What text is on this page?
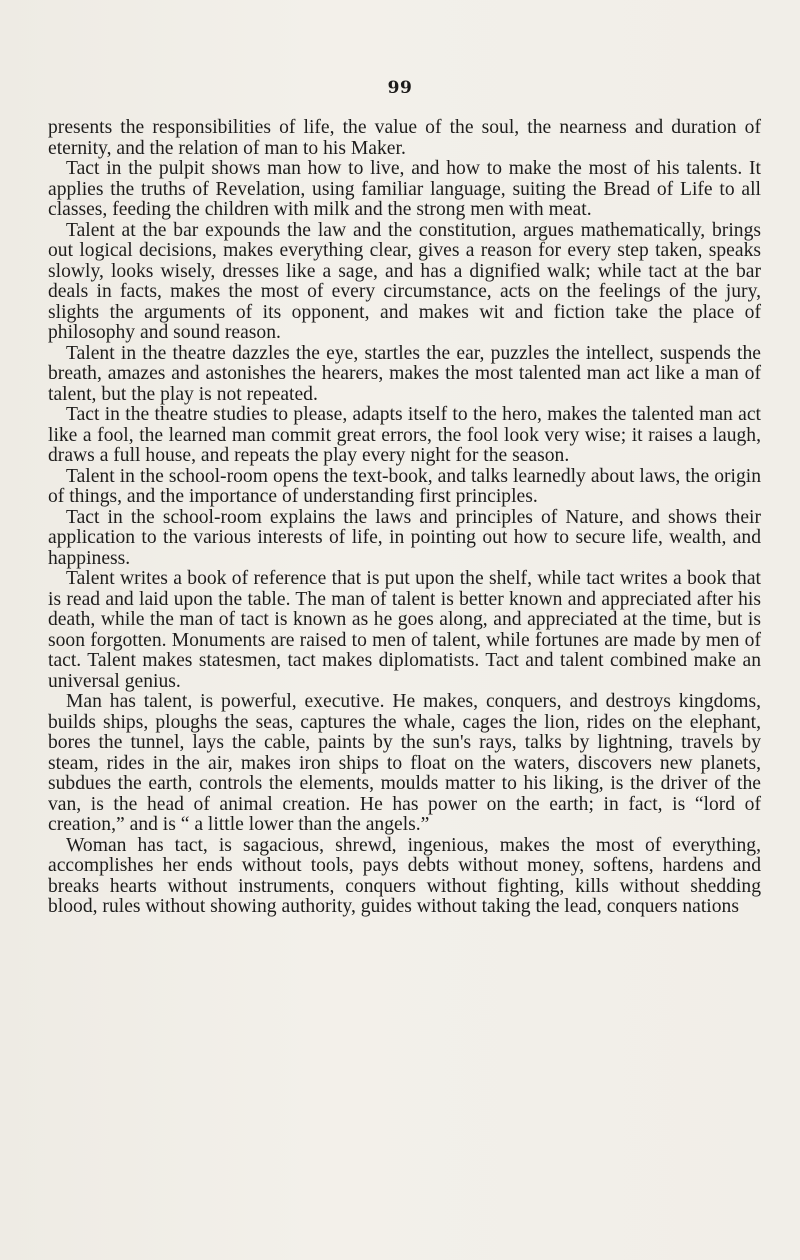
99

presents the responsibilities of life, the value of the soul, the nearness and duration of eternity, and the relation of man to his Maker.

Tact in the pulpit shows man how to live, and how to make the most of his talents. It applies the truths of Revelation, using familiar language, suiting the Bread of Life to all classes, feeding the children with milk and the strong men with meat.

Talent at the bar expounds the law and the constitution, argues mathematically, brings out logical decisions, makes everything clear, gives a reason for every step taken, speaks slowly, looks wisely, dresses like a sage, and has a dignified walk; while tact at the bar deals in facts, makes the most of every circumstance, acts on the feelings of the jury, slights the arguments of its opponent, and makes wit and fiction take the place of philosophy and sound reason.

Talent in the theatre dazzles the eye, startles the ear, puzzles the intellect, suspends the breath, amazes and astonishes the hearers, makes the most talented man act like a man of talent, but the play is not repeated.

Tact in the theatre studies to please, adapts itself to the hero, makes the talented man act like a fool, the learned man commit great errors, the fool look very wise; it raises a laugh, draws a full house, and repeats the play every night for the season.

Talent in the school-room opens the text-book, and talks learnedly about laws, the origin of things, and the importance of understanding first principles.

Tact in the school-room explains the laws and principles of Nature, and shows their application to the various interests of life, in pointing out how to secure life, wealth, and happiness.

Talent writes a book of reference that is put upon the shelf, while tact writes a book that is read and laid upon the table. The man of talent is better known and appreciated after his death, while the man of tact is known as he goes along, and appreciated at the time, but is soon forgotten. Monuments are raised to men of talent, while fortunes are made by men of tact. Talent makes statesmen, tact makes diplomatists. Tact and talent combined make an universal genius.

Man has talent, is powerful, executive. He makes, conquers, and destroys kingdoms, builds ships, ploughs the seas, captures the whale, cages the lion, rides on the elephant, bores the tunnel, lays the cable, paints by the sun's rays, talks by lightning, travels by steam, rides in the air, makes iron ships to float on the waters, discovers new planets, subdues the earth, controls the elements, moulds matter to his liking, is the driver of the van, is the head of animal creation. He has power on the earth; in fact, is “lord of creation,” and is “ a little lower than the angels.”

Woman has tact, is sagacious, shrewd, ingenious, makes the most of everything, accomplishes her ends without tools, pays debts without money, softens, hardens and breaks hearts without instruments, conquers without fighting, kills without shedding blood, rules without showing authority, guides without taking the lead, conquers nations
